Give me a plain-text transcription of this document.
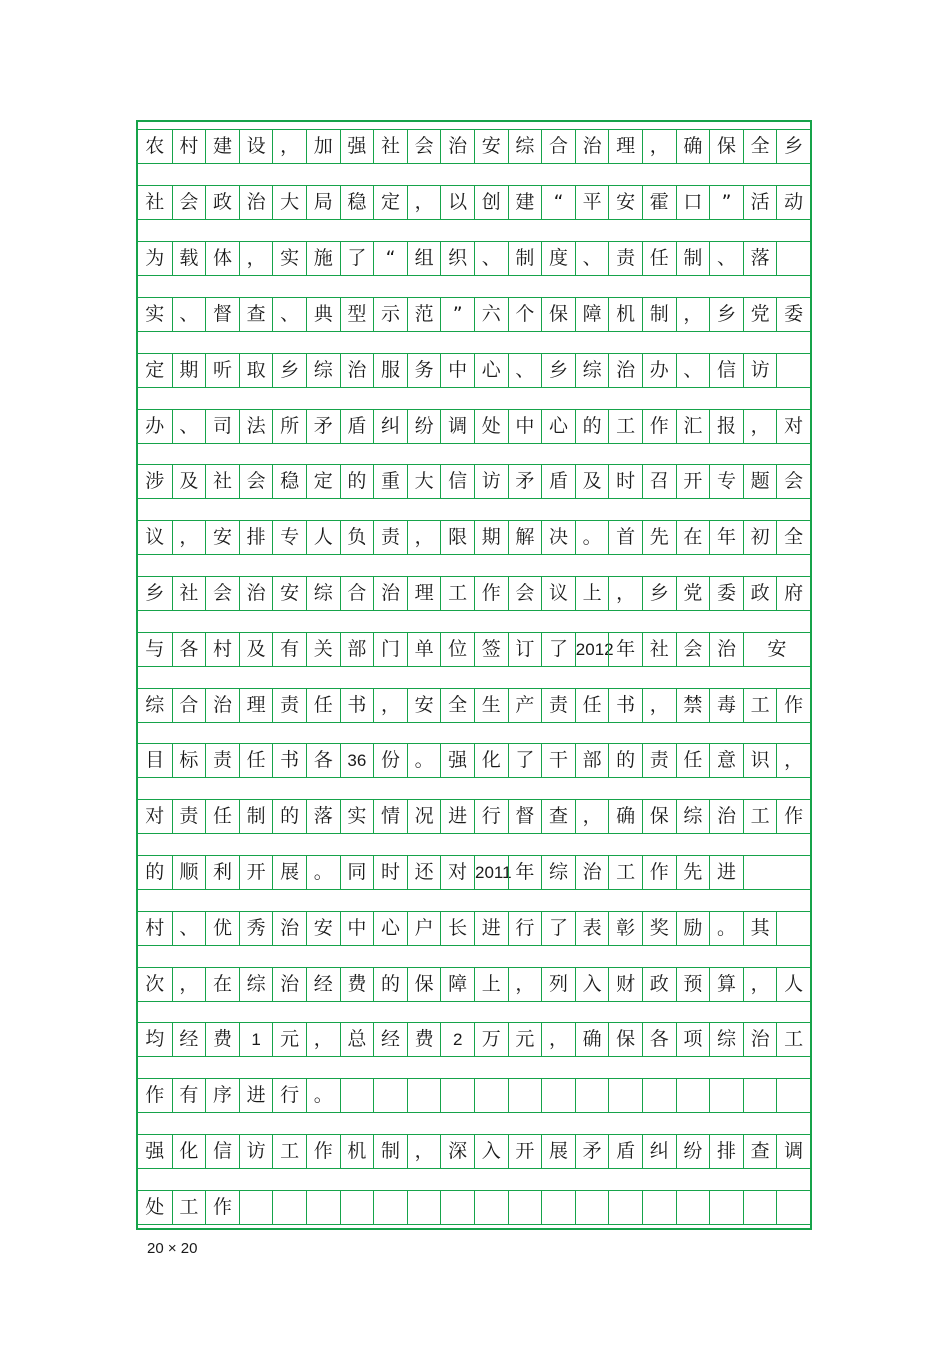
农 村 建 设 ， 加 强 社 会 治 安 综 合 治 理 ， 确 保 全 乡
社 会 政 治 大 局 稳 定 ， 以 创 建	“	平 安 霍 口	”	活 动
为 载 体 ， 实 施 了	“	组 织 、 制 度 、 责 任 制 、 落
实 、 督 查 、 典 型 示 范	”	六 个 保 障 机 制 ， 乡 党 委
定 期 听 取 乡 综 治 服 务 中 心 、 乡 综 治 办 、 信 访
办 、 司 法 所 矛 盾 纠 纷 调 处 中 心 的 工 作 汇 报 ， 对
涉 及 社 会 稳 定 的 重 大 信 访 矛 盾 及 时 召 开 专 题 会
议 ， 安 排 专 人 负 责 ， 限 期 解 决 。 首 先 在 年 初 全
乡 社 会 治 安 综 合 治 理 工 作 会 议 上 ， 乡 党 委 政 府
与 各 村 及 有 关 部 门 单 位 签 订 了 2012 年 社 会 治	安
综 合 治 理 责 任 书 ， 安 全 生 产 责 任 书 ， 禁 毒 工 作
目 标 责 任 书 各 36 份 。 强 化 了 干 部 的 责 任 意 识 ，
对 责 任 制 的 落 实 情 况 进 行 督 查 ， 确 保 综 治 工 作
的 顺 利 开 展 。 同 时 还 对 2011 年 综 治 工 作 先 进
村 、 优 秀 治 安 中 心 户 长 进 行 了 表 彰 奖 励 。 其
次 ， 在 综 治 经 费 的 保 障 上 ， 列 入 财 政 预 算 ， 人
均 经 费	1	元 ， 总 经 费	2	万 元 ， 确 保 各 项 综 治 工
作 有 序 进 行 。
强 化 信 访 工 作 机 制 ， 深 入 开 展 矛 盾 纠 纷 排 查 调
处 工 作
20 × 20
